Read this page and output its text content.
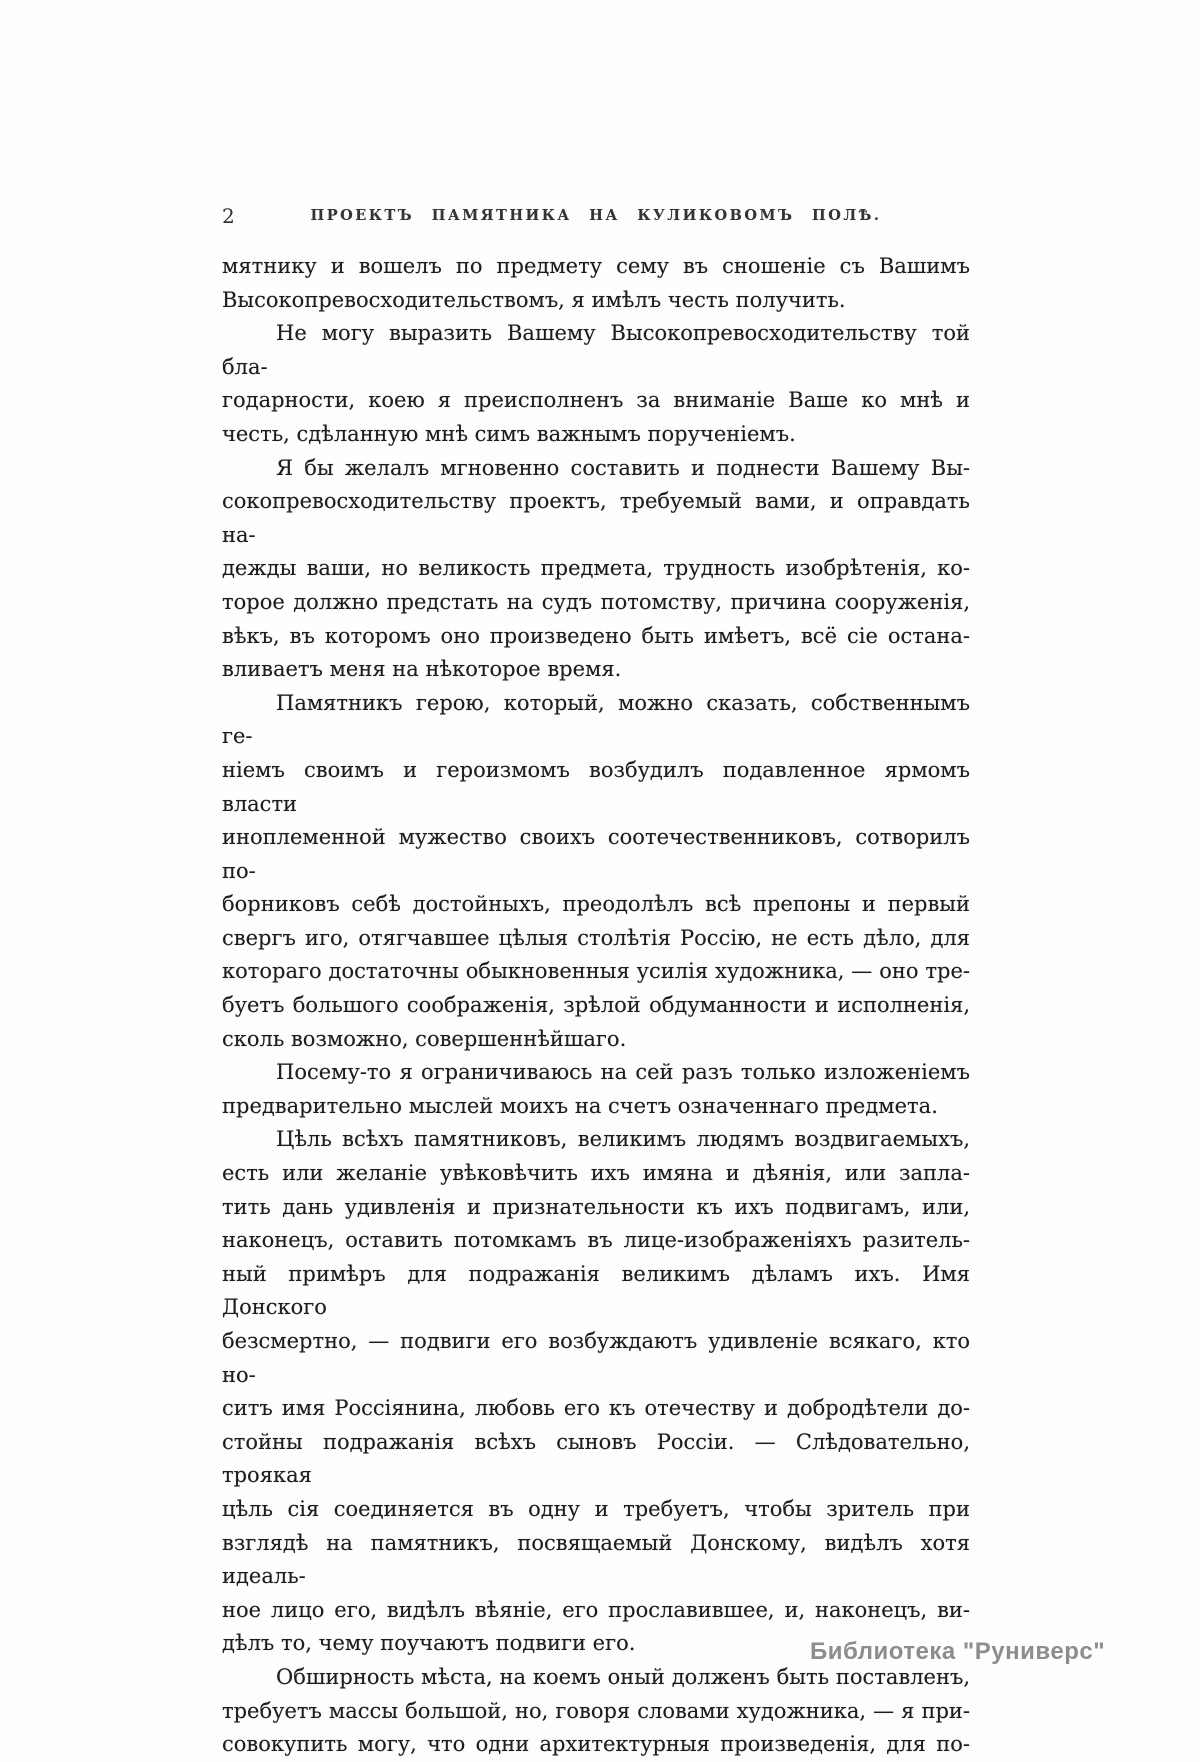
2	ПРОЕКТЪ ПАМЯТНИКА НА КУЛИКОВОМЪ ПОЛѢ.
мятнику и вошелъ по предмету сему въ сношеніе съ Вашимъ
Высокопревосходительствомъ, я имѣлъ честь получить.
Не могу выразить Вашему Высокопревосходительству той бла-
годарности, коею я преисполненъ за вниманіе Ваше ко мнѣ и
честь, сдѣланную мнѣ симъ важнымъ порученіемъ.
Я бы желалъ мгновенно составить и поднести Вашему Вы-
сокопревосходительству проектъ, требуемый вами, и оправдать на-
дежды ваши, но великость предмета, трудность изобрѣтенія, ко-
торое должно предстать на судъ потомству, причина сооруженія,
вѣкъ, въ которомъ оно произведено быть имѣетъ, всё сіе остана-
вливаетъ меня на нѣкоторое время.
Памятникъ герою, который, можно сказать, собственнымъ ге-
ніемъ своимъ и героизмомъ возбудилъ подавленное ярмомъ власти
иноплеменной мужество своихъ соотечественниковъ, сотворилъ по-
борниковъ себѣ достойныхъ, преодолѣлъ всѣ препоны и первый
свергъ иго, отягчавшее цѣлыя столѣтія Россію, не есть дѣло, для
котораго достаточны обыкновенныя усилія художника, — оно тре-
буетъ большого соображенія, зрѣлой обдуманности и исполненія,
сколь возможно, совершеннѣйшаго.
Посему-то я ограничиваюсь на сей разъ только изложеніемъ
предварительно мыслей моихъ на счетъ означеннаго предмета.
Цѣль всѣхъ памятниковъ, великимъ людямъ воздвигаемыхъ,
есть или желаніе увѣковѣчить ихъ имяна и дѣянія, или запла-
тить дань удивленія и признательности къ ихъ подвигамъ, или,
наконецъ, оставить потомкамъ въ лице-изображеніяхъ разитель-
ный примѣръ для подражанія великимъ дѣламъ ихъ. Имя Донского
безсмертно, — подвиги его возбуждаютъ удивленіе всякаго, кто но-
ситъ имя Россіянина, любовь его къ отечеству и добродѣтели до-
стойны подражанія всѣхъ сыновъ Россіи. — Слѣдовательно, троякая
цѣль сія соединяется въ одну и требуетъ, чтобы зритель при
взглядѣ на памятникъ, посвящаемый Донскому, видѣлъ хотя идеаль-
ное лицо его, видѣлъ вѣяніе, его прославившее, и, наконецъ, ви-
дѣлъ то, чему поучаютъ подвиги его.
Обширность мѣста, на коемъ оный долженъ быть поставленъ,
требуетъ массы большой, но, говоря словами художника, — я при-
совокупить могу, что одни архитектурныя произведенія, для по-
Библиотека "Руниверс"
